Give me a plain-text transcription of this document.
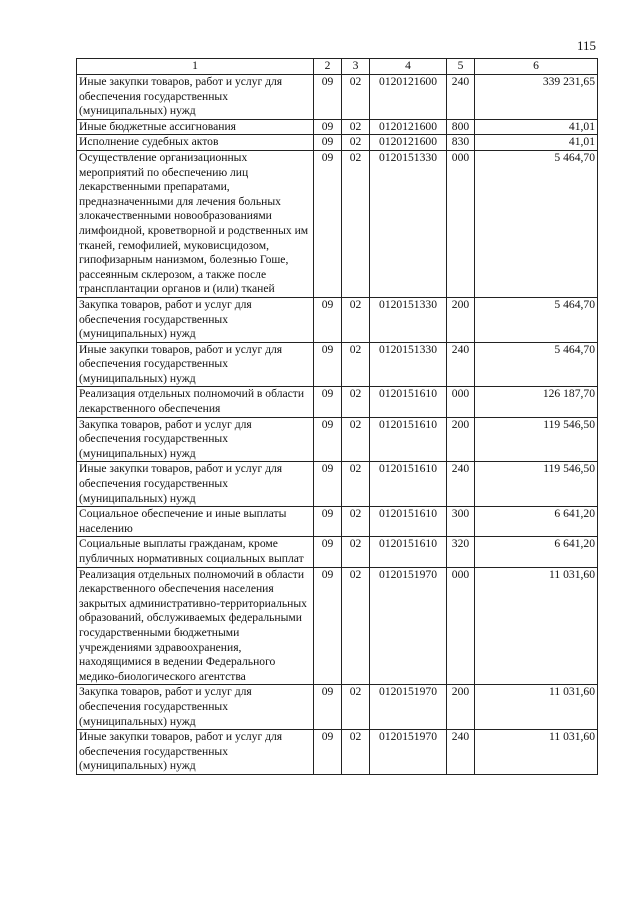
115
1	2	3	4	5	6
Иные закупки товаров, работ и услуг для обеспечения государственных (муниципальных) нужд	09	02	0120121600	240	339 231,65
Иные бюджетные ассигнования	09	02	0120121600	800	41,01
Исполнение судебных актов	09	02	0120121600	830	41,01
Осуществление организационных мероприятий по обеспечению лиц лекарственными препаратами, предназначенными для лечения больных злокачественными новообразованиями лимфоидной, кроветворной и родственных им тканей, гемофилией, муковисцидозом, гипофизарным нанизмом, болезнью Гоше, рассеянным склерозом, а также после трансплантации органов и (или) тканей	09	02	0120151330	000	5 464,70
Закупка товаров, работ и услуг для обеспечения государственных (муниципальных) нужд	09	02	0120151330	200	5 464,70
Иные закупки товаров, работ и услуг для обеспечения государственных (муниципальных) нужд	09	02	0120151330	240	5 464,70
Реализация отдельных полномочий в области лекарственного обеспечения	09	02	0120151610	000	126 187,70
Закупка товаров, работ и услуг для обеспечения государственных (муниципальных) нужд	09	02	0120151610	200	119 546,50
Иные закупки товаров, работ и услуг для обеспечения государственных (муниципальных) нужд	09	02	0120151610	240	119 546,50
Социальное обеспечение и иные выплаты населению	09	02	0120151610	300	6 641,20
Социальные выплаты гражданам, кроме публичных нормативных социальных выплат	09	02	0120151610	320	6 641,20
Реализация отдельных полномочий в области лекарственного обеспечения населения закрытых административно-территориальных образований, обслуживаемых федеральными государственными бюджетными учреждениями здравоохранения, находящимися в ведении Федерального медико-биологического агентства	09	02	0120151970	000	11 031,60
Закупка товаров, работ и услуг для обеспечения государственных (муниципальных) нужд	09	02	0120151970	200	11 031,60
Иные закупки товаров, работ и услуг для обеспечения государственных (муниципальных) нужд	09	02	0120151970	240	11 031,60
